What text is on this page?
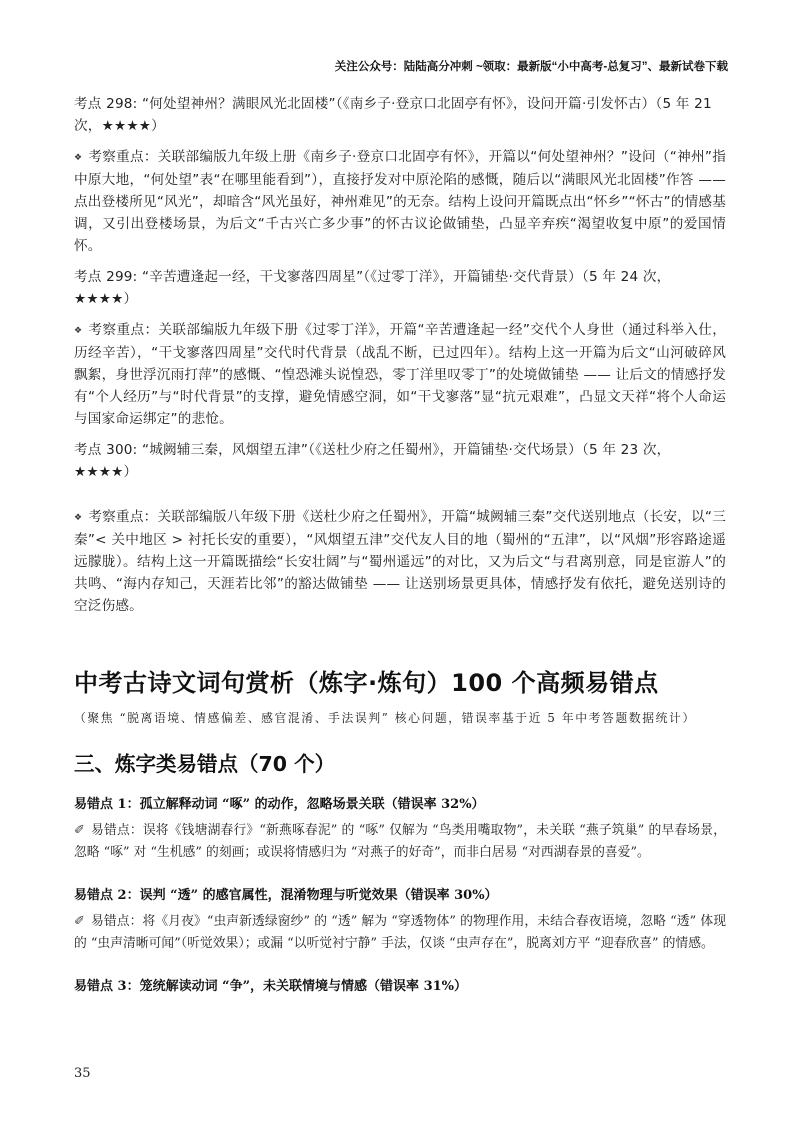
关注公众号：陆陆高分冲刺 ~领取：最新版“小中高考-总复习”、最新试卷下载

考点 298: “何处望神州？满眼风光北固楼”（《南乡子·登京口北固亭有怀》，设问开篇·引发怀古）（5 年 21 次，★★★★）

❖ 考察重点：关联部编版九年级上册《南乡子·登京口北固亭有怀》，开篇以“何处望神州？”设问（“神州”指中原大地，“何处望”表“在哪里能看到”），直接抒发对中原沦陷的感慨，随后以“满眼风光北固楼”作答 —— 点出登楼所见“风光”，却暗含“风光虽好，神州难见”的无奈。结构上设问开篇既点出“怀乡”“怀古”的情感基调，又引出登楼场景，为后文“千古兴亡多少事”的怀古议论做铺垫，凸显辛弃疾“渴望收复中原”的爱国情怀。

考点 299: “辛苦遭逢起一经，干戈寥落四周星”（《过零丁洋》，开篇铺垫·交代背景）（5 年 24 次，★★★★）

❖ 考察重点：关联部编版九年级下册《过零丁洋》，开篇“辛苦遭逢起一经”交代个人身世（通过科举入仕，历经辛苦），“干戈寥落四周星”交代时代背景（战乱不断，已过四年）。结构上这一开篇为后文“山河破碎风飘絮，身世浮沉雨打萍”的感慨、“惶恐滩头说惶恐，零丁洋里叹零丁”的处境做铺垫 —— 让后文的情感抒发有“个人经历”与“时代背景”的支撑，避免情感空洞，如“干戈寥落”显“抗元艰难”，凸显文天祥“将个人命运与国家命运绑定”的悲怆。

考点 300: “城阙辅三秦，风烟望五津”（《送杜少府之任蜀州》，开篇铺垫·交代场景）（5 年 23 次，★★★★）

❖ 考察重点：关联部编版八年级下册《送杜少府之任蜀州》，开篇“城阙辅三秦”交代送别地点（长安，以“三秦”< 关中地区 > 衬托长安的重要），“风烟望五津”交代友人目的地（蜀州的“五津”，以“风烟”形容路途遥远朦胧）。结构上这一开篇既描绘“长安壮阔”与“蜀州遥远”的对比，又为后文“与君离别意，同是宦游人”的共鸣、“海内存知己，天涯若比邻”的豁达做铺垫 —— 让送别场景更具体，情感抒发有依托，避免送别诗的空泛伤感。

中考古诗文词句赏析（炼字·炼句）100 个高频易错点

（聚焦 “脱离语境、情感偏差、感官混淆、手法误判” 核心问题，错误率基于近 5 年中考答题数据统计）

三、炼字类易错点（70 个）

易错点 1：孤立解释动词 “啄” 的动作，忽略场景关联（错误率 32%）

✐ 易错点：误将《钱塘湖春行》“新燕啄春泥” 的 “啄” 仅解为 “鸟类用嘴取物”，未关联 “燕子筑巢” 的早春场景，忽略 “啄” 对 “生机感” 的刻画；或误将情感归为 “对燕子的好奇”，而非白居易 “对西湖春景的喜爱”。

易错点 2：误判 “透” 的感官属性，混淆物理与听觉效果（错误率 30%）

✐ 易错点：将《月夜》“虫声新透绿窗纱” 的 “透” 解为 “穿透物体” 的物理作用，未结合春夜语境，忽略 “透” 体现的 “虫声清晰可闻”（听觉效果）；或漏 “以听觉衬宁静” 手法，仅谈 “虫声存在”，脱离刘方平 “迎春欣喜” 的情感。

易错点 3：笼统解读动词 “争”，未关联情境与情感（错误率 31%）

35
